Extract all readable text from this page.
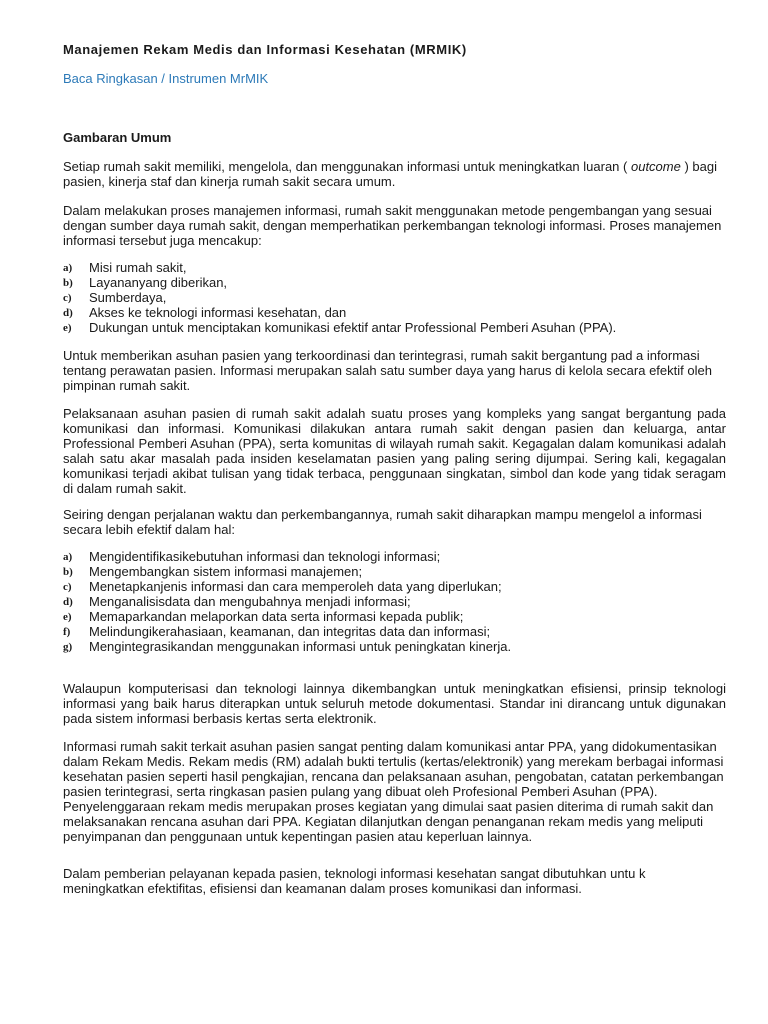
Manajemen Rekam Medis dan Informasi Kesehatan (MRMIK)
Baca Ringkasan / Instrumen MrMIK
Gambaran Umum
Setiap rumah sakit memiliki, mengelola, dan menggunakan informasi untuk meningkatkan luaran ( outcome ) bagi pasien, kinerja staf dan kinerja rumah sakit secara umum.
Dalam melakukan proses manajemen informasi, rumah sakit menggunakan metode pengembangan yang sesuai dengan sumber daya rumah sakit, dengan memperhatikan perkembangan teknologi informasi. Proses manajemen informasi tersebut juga mencakup:
a) Misi rumah sakit,
b) Layananyang diberikan,
c) Sumberdaya,
d) Akses ke teknologi informasi kesehatan, dan
e) Dukungan untuk menciptakan komunikasi efektif antar Professional Pemberi Asuhan (PPA).
Untuk memberikan asuhan pasien yang terkoordinasi dan terintegrasi, rumah sakit bergantung pad a informasi tentang perawatan pasien. Informasi merupakan salah satu sumber daya yang harus di kelola secara efektif oleh pimpinan rumah sakit.
Pelaksanaan asuhan pasien di rumah sakit adalah suatu proses yang kompleks yang sangat bergantung pada komunikasi dan informasi. Komunikasi dilakukan antara rumah sakit dengan pasien dan keluarga, antar Professional Pemberi Asuhan (PPA), serta komunitas di wilayah rumah sakit. Kegagalan dalam komunikasi adalah salah satu akar masalah pada insiden keselamatan pasien yang paling sering dijumpai. Sering kali, kegagalan komunikasi terjadi akibat tulisan yang tidak terbaca, penggunaan singkatan, simbol dan kode yang tidak seragam di dalam rumah sakit.
Seiring dengan perjalanan waktu dan perkembangannya, rumah sakit diharapkan mampu mengelol a informasi secara lebih efektif dalam hal:
a) Mengidentifikasikebutuhan informasi dan teknologi informasi;
b) Mengembangkan sistem informasi manajemen;
c) Menetapkanjenis informasi dan cara memperoleh data yang diperlukan;
d) Menganalisisdata dan mengubahnya menjadi informasi;
e) Memaparkandan melaporkan data serta informasi kepada publik;
f) Melindungikerahasiaan, keamanan, dan integritas data dan informasi;
g) Mengintegrasikandan menggunakan informasi untuk peningkatan kinerja.
Walaupun komputerisasi dan teknologi lainnya dikembangkan untuk meningkatkan efisiensi, prinsip teknologi informasi yang baik harus diterapkan untuk seluruh metode dokumentasi. Standar ini dirancang untuk digunakan pada sistem informasi berbasis kertas serta elektronik.
Informasi rumah sakit terkait asuhan pasien sangat penting dalam komunikasi antar PPA, yang didokumentasikan dalam Rekam Medis. Rekam medis (RM) adalah bukti tertulis (kertas/elektronik) yang merekam berbagai informasi kesehatan pasien seperti hasil pengkajian, rencana dan pelaksanaan asuhan, pengobatan, catatan perkembangan pasien terintegrasi, serta ringkasan pasien pulang yang dibuat oleh Profesional Pemberi Asuhan (PPA). Penyelenggaraan rekam medis merupakan proses kegiatan yang dimulai saat pasien diterima di rumah sakit dan melaksanakan rencana asuhan dari PPA. Kegiatan dilanjutkan dengan penanganan rekam medis yang meliputi penyimpanan dan penggunaan untuk kepentingan pasien atau keperluan lainnya.
Dalam pemberian pelayanan kepada pasien, teknologi informasi kesehatan sangat dibutuhkan untu k meningkatkan efektifitas, efisiensi dan keamanan dalam proses komunikasi dan informasi.
